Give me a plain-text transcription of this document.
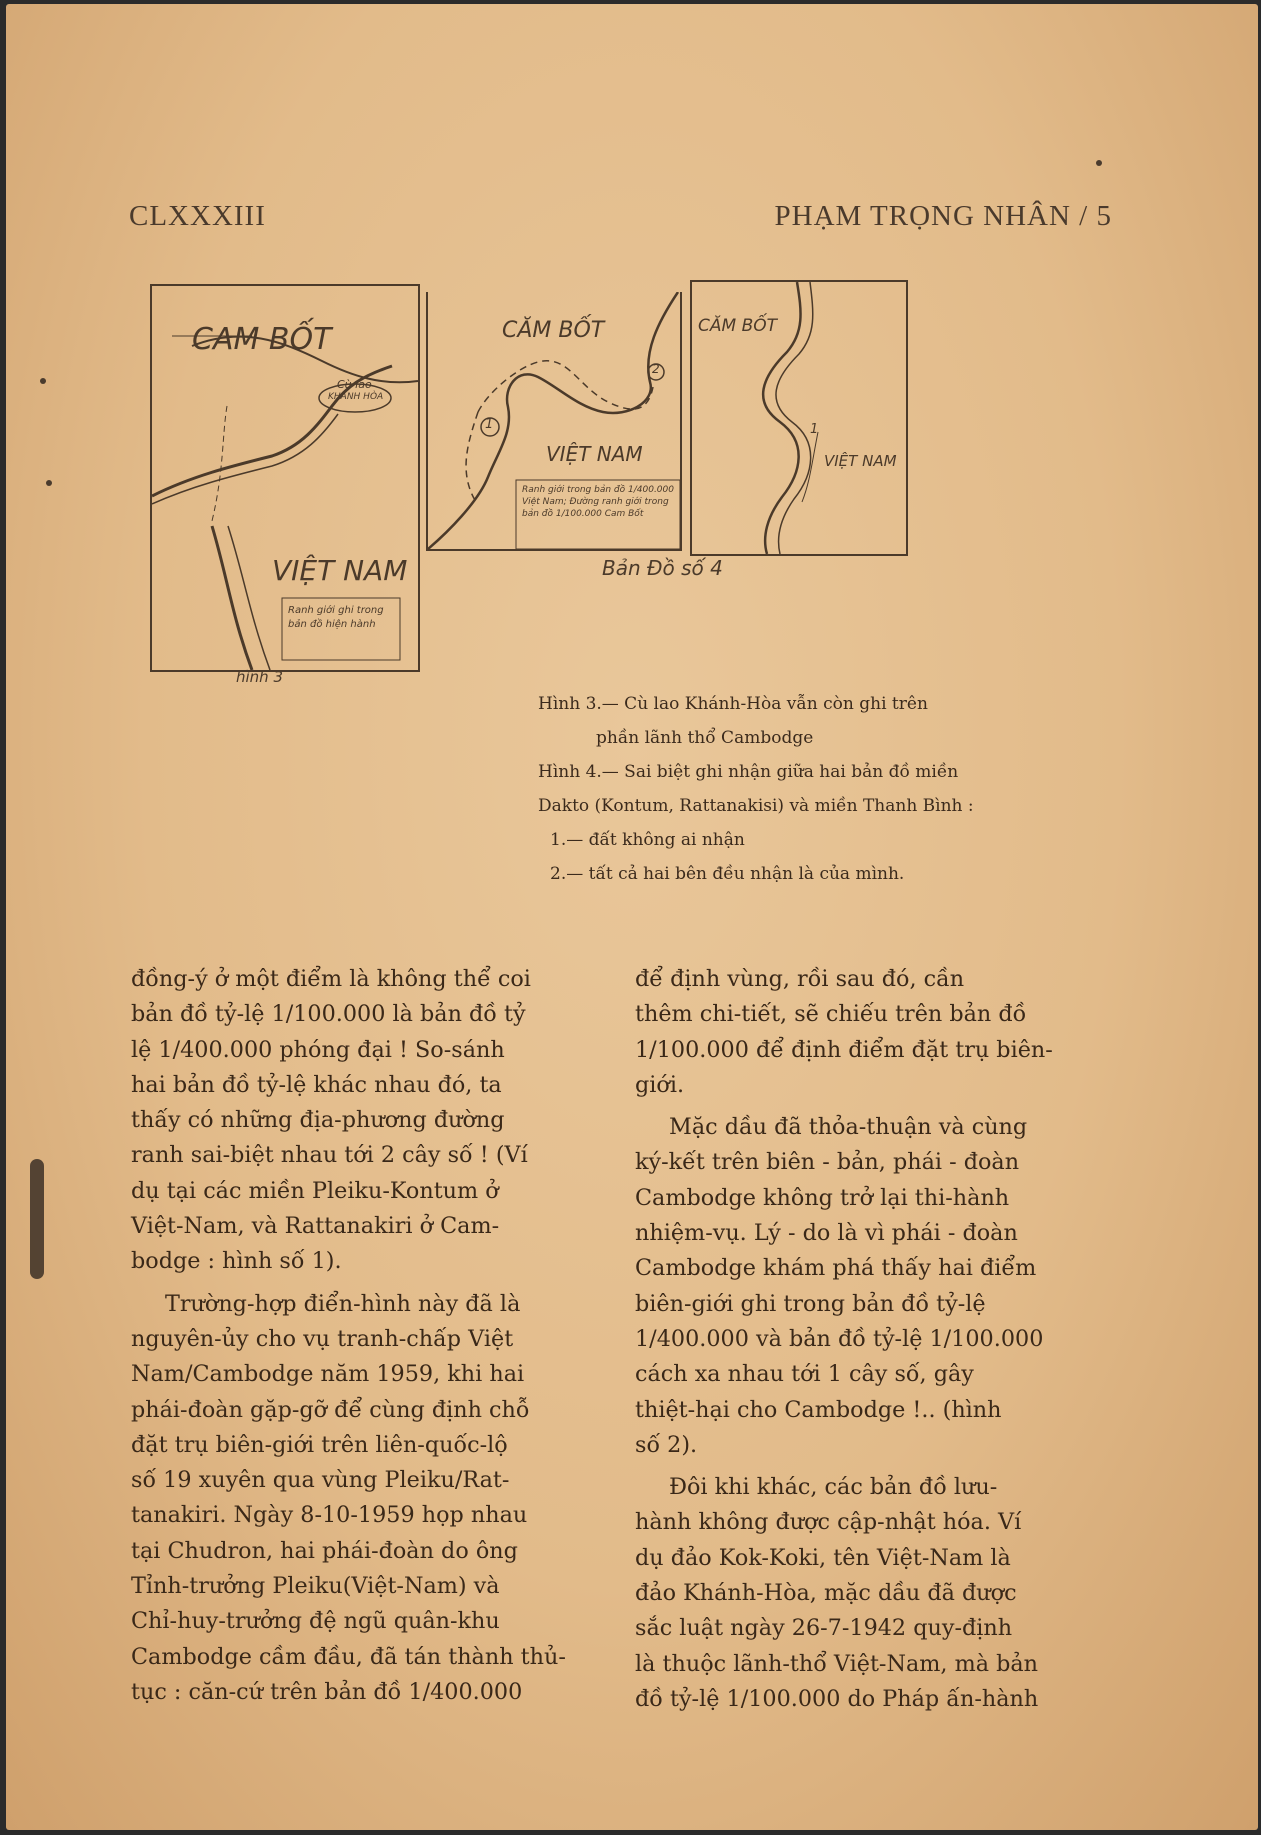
CLXXXIII	PHẠM TRỌNG NHÂN / 5
CAM BỐT
Cù lao
KHÁNH HÒA
VIỆT NAM
Ranh giới ghi trong bản đồ hiện hành
hình 3
CĂM BỐT
VIỆT NAM
1
2
Ranh giới trong bản đồ 1/400.000 Việt Nam; Đường ranh giới trong bản đồ 1/100.000 Cam Bốt
CĂM BỐT
VIỆT NAM
1
Bản Đồ số 4

Hình 3.— Cù lao Khánh-Hòa vẫn còn ghi trên

phần lãnh thổ Cambodge

Hình 4.— Sai biệt ghi nhận giữa hai bản đồ miền

Dakto (Kontum, Rattanakisi) và miền Thanh Bình :

1.— đất không ai nhận

2.— tất cả hai bên đều nhận là của mình.

đồng-ý ở một điểm là không thể coi
bản đồ tỷ-lệ 1/100.000 là bản đồ tỷ
lệ 1/400.000 phóng đại ! So-sánh
hai bản đồ tỷ-lệ khác nhau đó, ta
thấy có những địa-phương đường
ranh sai-biệt nhau tới 2 cây số ! (Ví
dụ tại các miền Pleiku-Kontum ở
Việt-Nam, và Rattanakiri ở Cam-
bodge : hình số 1).

Trường-hợp điển-hình này đã là
nguyên-ủy cho vụ tranh-chấp Việt
Nam/Cambodge năm 1959, khi hai
phái-đoàn gặp-gỡ để cùng định chỗ
đặt trụ biên-giới trên liên-quốc-lộ
số 19 xuyên qua vùng Pleiku/Rat-
tanakiri. Ngày 8-10-1959 họp nhau
tại Chudron, hai phái-đoàn do ông
Tỉnh-trưởng Pleiku(Việt-Nam) và
Chỉ-huy-trưởng đệ ngũ quân-khu
Cambodge cầm đầu, đã tán thành thủ-
tục : căn-cứ trên bản đồ 1/400.000

để định vùng, rồi sau đó, cần
thêm chi-tiết, sẽ chiếu trên bản đồ
1/100.000 để định điểm đặt trụ biên-
giới.

Mặc dầu đã thỏa-thuận và cùng
ký-kết trên biên - bản, phái - đoàn
Cambodge không trở lại thi-hành
nhiệm-vụ. Lý - do là vì phái - đoàn
Cambodge khám phá thấy hai điểm
biên-giới ghi trong bản đồ tỷ-lệ
1/400.000 và bản đồ tỷ-lệ 1/100.000
cách xa nhau tới 1 cây số, gây
thiệt-hại cho Cambodge !.. (hình
số 2).

Đôi khi khác, các bản đồ lưu-
hành không được cập-nhật hóa. Ví
dụ đảo Kok-Koki, tên Việt-Nam là
đảo Khánh-Hòa, mặc dầu đã được
sắc luật ngày 26-7-1942 quy-định
là thuộc lãnh-thổ Việt-Nam, mà bản
đồ tỷ-lệ 1/100.000 do Pháp ấn-hành
